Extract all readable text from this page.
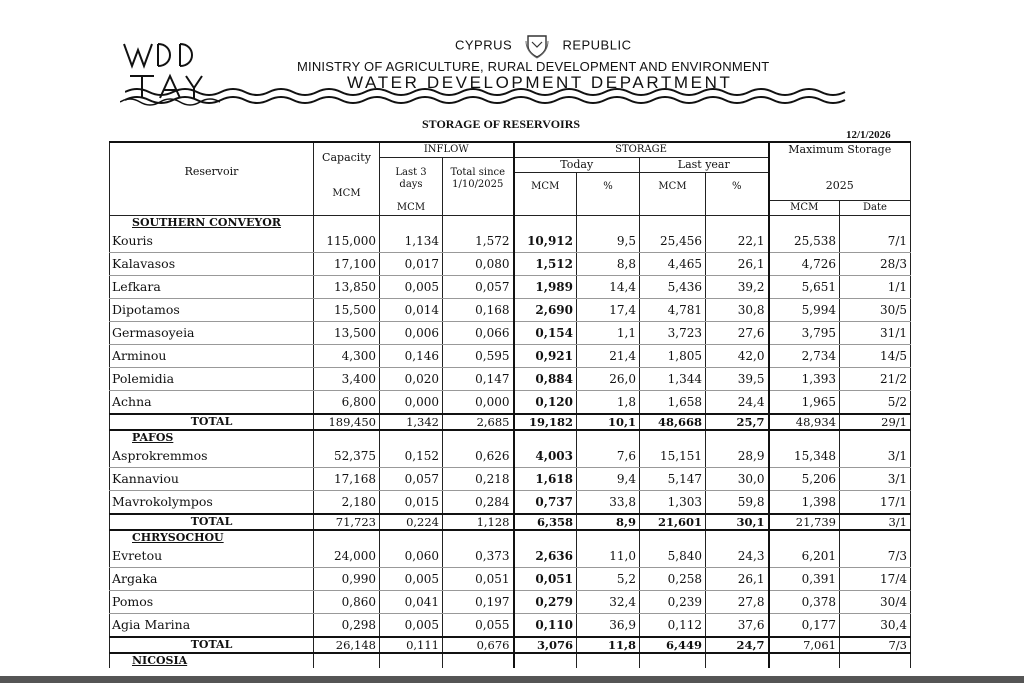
CYPRUS	REPUBLIC
MINISTRY OF AGRICULTURE, RURAL DEVELOPMENT AND ENVIRONMENT
WATER DEVELOPMENT DEPARTMENT
STORAGE OF RESERVOIRS
12/1/2026
Reservoir	Capacity	INFLOW		STORAGE				Maximum Storage	
		Last 3 days	Total since 1/10/2025	Today		Last year			
	MCM			MCM	%	MCM	%	2025	
		MCM						MCM	Date
SOUTHERN CONVEYOR									
Kouris	115,000	1,134	1,572	10,912	9,5	25,456	22,1	25,538	7/1
Kalavasos	17,100	0,017	0,080	1,512	8,8	4,465	26,1	4,726	28/3
Lefkara	13,850	0,005	0,057	1,989	14,4	5,436	39,2	5,651	1/1
Dipotamos	15,500	0,014	0,168	2,690	17,4	4,781	30,8	5,994	30/5
Germasoyeia	13,500	0,006	0,066	0,154	1,1	3,723	27,6	3,795	31/1
Arminou	4,300	0,146	0,595	0,921	21,4	1,805	42,0	2,734	14/5
Polemidia	3,400	0,020	0,147	0,884	26,0	1,344	39,5	1,393	21/2
Achna	6,800	0,000	0,000	0,120	1,8	1,658	24,4	1,965	5/2
TOTAL	189,450	1,342	2,685	19,182	10,1	48,668	25,7	48,934	29/1
PAFOS									
Asprokremmos	52,375	0,152	0,626	4,003	7,6	15,151	28,9	15,348	3/1
Kannaviou	17,168	0,057	0,218	1,618	9,4	5,147	30,0	5,206	3/1
Mavrokolympos	2,180	0,015	0,284	0,737	33,8	1,303	59,8	1,398	17/1
TOTAL	71,723	0,224	1,128	6,358	8,9	21,601	30,1	21,739	3/1
CHRYSOCHOU									
Evretou	24,000	0,060	0,373	2,636	11,0	5,840	24,3	6,201	7/3
Argaka	0,990	0,005	0,051	0,051	5,2	0,258	26,1	0,391	17/4
Pomos	0,860	0,041	0,197	0,279	32,4	0,239	27,8	0,378	30/4
Agia Marina	0,298	0,005	0,055	0,110	36,9	0,112	37,6	0,177	30,4
TOTAL	26,148	0,111	0,676	3,076	11,8	6,449	24,7	7,061	7/3
NICOSIA									
